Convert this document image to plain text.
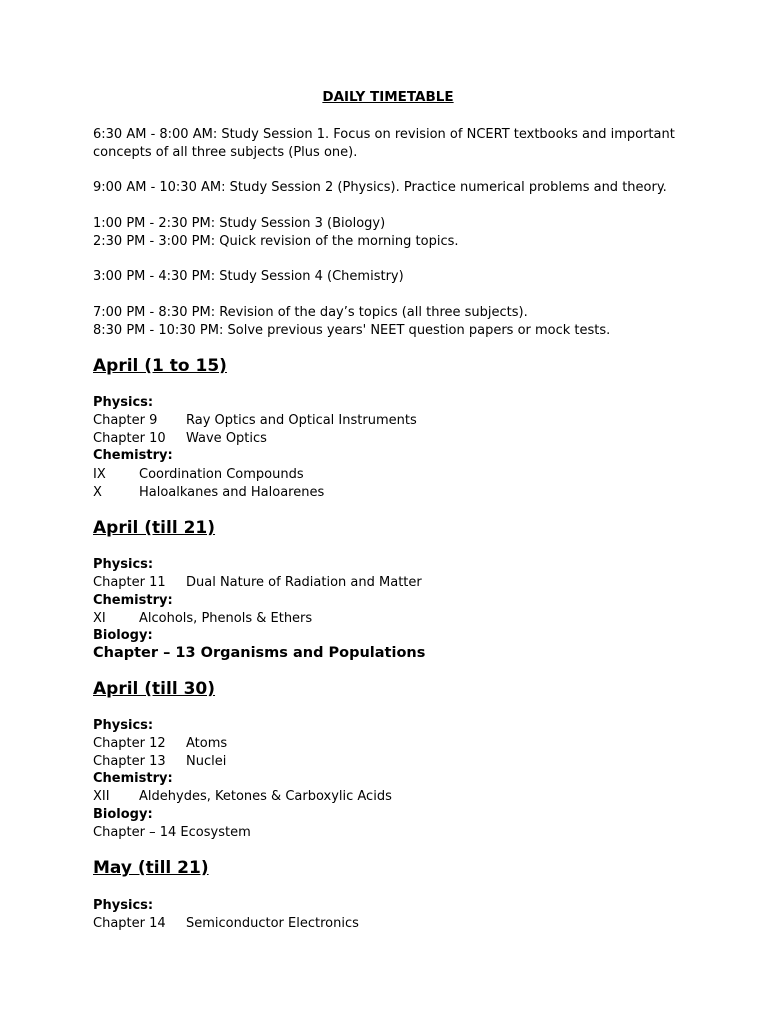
DAILY TIMETABLE
6:30 AM - 8:00 AM: Study Session 1. Focus on revision of NCERT textbooks and important
concepts of all three subjects (Plus one).
9:00 AM - 10:30 AM: Study Session 2 (Physics). Practice numerical problems and theory.
1:00 PM - 2:30 PM: Study Session 3 (Biology)
2:30 PM - 3:00 PM: Quick revision of the morning topics.
3:00 PM - 4:30 PM: Study Session 4 (Chemistry)
7:00 PM - 8:30 PM: Revision of the day’s topics (all three subjects).
8:30 PM - 10:30 PM: Solve previous years' NEET question papers or mock tests.
April (1 to 15)
Physics:
Chapter 9 Ray Optics and Optical Instruments
Chapter 10 Wave Optics
Chemistry:
IX	Coordination Compounds
X	Haloalkanes and Haloarenes
April (till 21)
Physics:
Chapter 11 Dual Nature of Radiation and Matter
Chemistry:
XI	Alcohols, Phenols & Ethers
Biology:
Chapter – 13 Organisms and Populations
April (till 30)
Physics:
Chapter 12 Atoms
Chapter 13 Nuclei
Chemistry:
XII Aldehydes, Ketones & Carboxylic Acids
Biology:
Chapter – 14 Ecosystem
May (till 21)
Physics:
Chapter 14 Semiconductor Electronics
